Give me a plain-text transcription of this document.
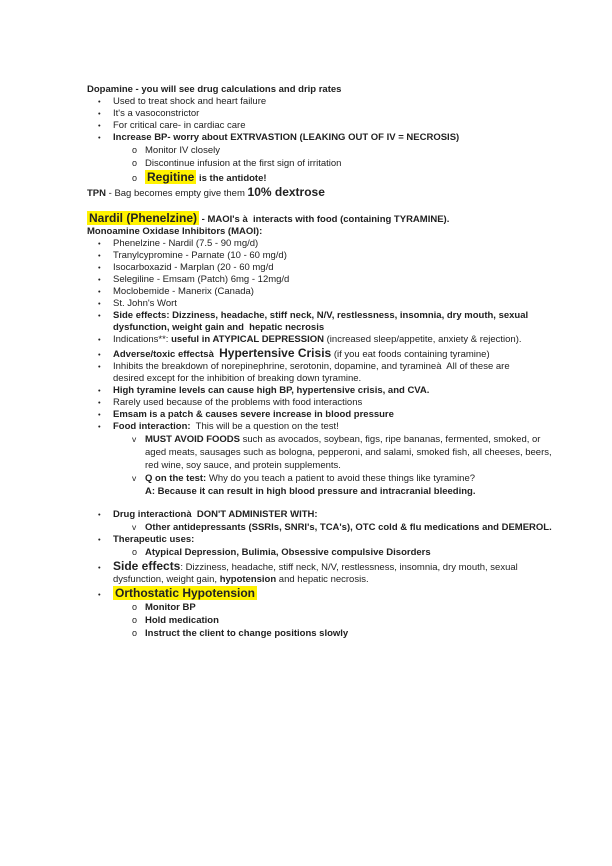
Dopamine - you will see drug calculations and drip rates
•	Used to treat shock and heart failure
•	It's a vasoconstrictor
•	For critical care- in cardiac care
•	Increase BP- worry about EXTRVASTION (LEAKING OUT OF IV = NECROSIS)
o Monitor IV closely
o Discontinue infusion at the first sign of irritation
o Regitine is the antidote!
TPN - Bag becomes empty give them 10% dextrose
Nardil (Phenelzine) - MAOI's à  interacts with food (containing TYRAMINE).
Monoamine Oxidase Inhibitors (MAOI):
•	Phenelzine - Nardil (7.5 - 90 mg/d)
•	Tranylcypromine - Parnate (10 - 60 mg/d)
•	Isocarboxazid - Marplan (20 - 60 mg/d
•	Selegiline - Emsam (Patch) 6mg - 12mg/d
•	Moclobemide - Manerix (Canada)
•	St. John's Wort
•	Side effects: Dizziness, headache, stiff neck, N/V, restlessness, insomnia, dry mouth, sexual
dysfunction, weight gain and  hepatic necrosis
•	Indications**: useful in ATYPICAL DEPRESSION (increased sleep/appetite, anxiety & rejection).
•	Adverse/toxic effectsà  Hypertensive Crisis (if you eat foods containing tyramine)
•	Inhibits the breakdown of norepinephrine, serotonin, dopamine, and tyramineà  All of these are
desired except for the inhibition of breaking down tyramine.
•	High tyramine levels can cause high BP, hypertensive crisis, and CVA.
•	Rarely used because of the problems with food interactions
•	Emsam is a patch & causes severe increase in blood pressure
•	Food interaction:  This will be a question on the test!
v MUST AVOID FOODS such as avocados, soybean, figs, ripe bananas, fermented, smoked, or
aged meats, sausages such as bologna, pepperoni, and salami, smoked fish, all cheeses, beers,
red wine, soy sauce, and protein supplements.
v Q on the test: Why do you teach a patient to avoid these things like tyramine?
A: Because it can result in high blood pressure and intracranial bleeding.
•	Drug interactionà  DON'T ADMINISTER WITH:
v Other antidepressants (SSRIs, SNRI's, TCA's), OTC cold & flu medications and DEMEROL.
•	Therapeutic uses:
o Atypical Depression, Bulimia, Obsessive compulsive Disorders
•	Side effects: Dizziness, headache, stiff neck, N/V, restlessness, insomnia, dry mouth, sexual
dysfunction, weight gain, hypotension and hepatic necrosis.
•	Orthostatic Hypotension
o Monitor BP
o Hold medication
o Instruct the client to change positions slowly
